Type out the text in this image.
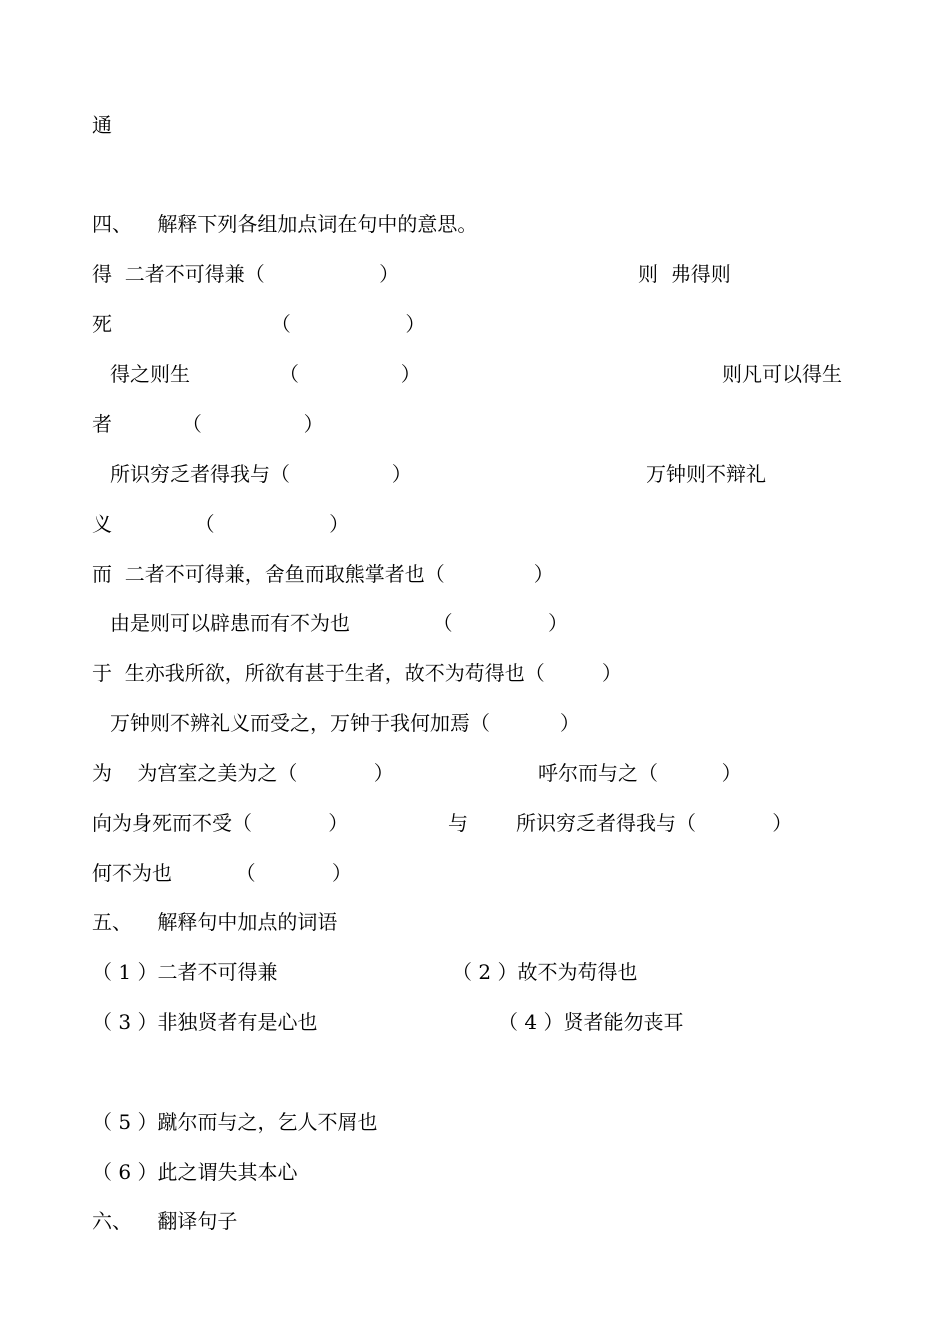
通
四、    解释下列各组加点词在句中的意思。
得  二者不可得兼（                  ）	则  弗得则
死                         （                  ）
得之则生              （                ）	则凡可以得生
者           （                ）
所识穷乏者得我与（                ）	万钟则不辩礼
义             （                  ）
而  二者不可得兼，舍鱼而取熊掌者也（              ）
由是则可以辟患而有不为也             （               ）
于  生亦我所欲，所欲有甚于生者，故不为苟得也（         ）
万钟则不辨礼义而受之，万钟于我何加焉（           ）
为    为宫室之美为之（            ）	呼尔而与之（          ）
向为身死而不受（            ）	与 所识穷乏者得我与（            ）
何不为也          （            ）
五、    解释句中加点的词语
（ 1 ）二者不可得兼	（ 2 ）故不为苟得也
（ 3 ）非独贤者有是心也	（ 4 ）贤者能勿丧耳
（ 5 ）蹴尔而与之，乞人不屑也
（ 6 ）此之谓失其本心
六、    翻译句子
